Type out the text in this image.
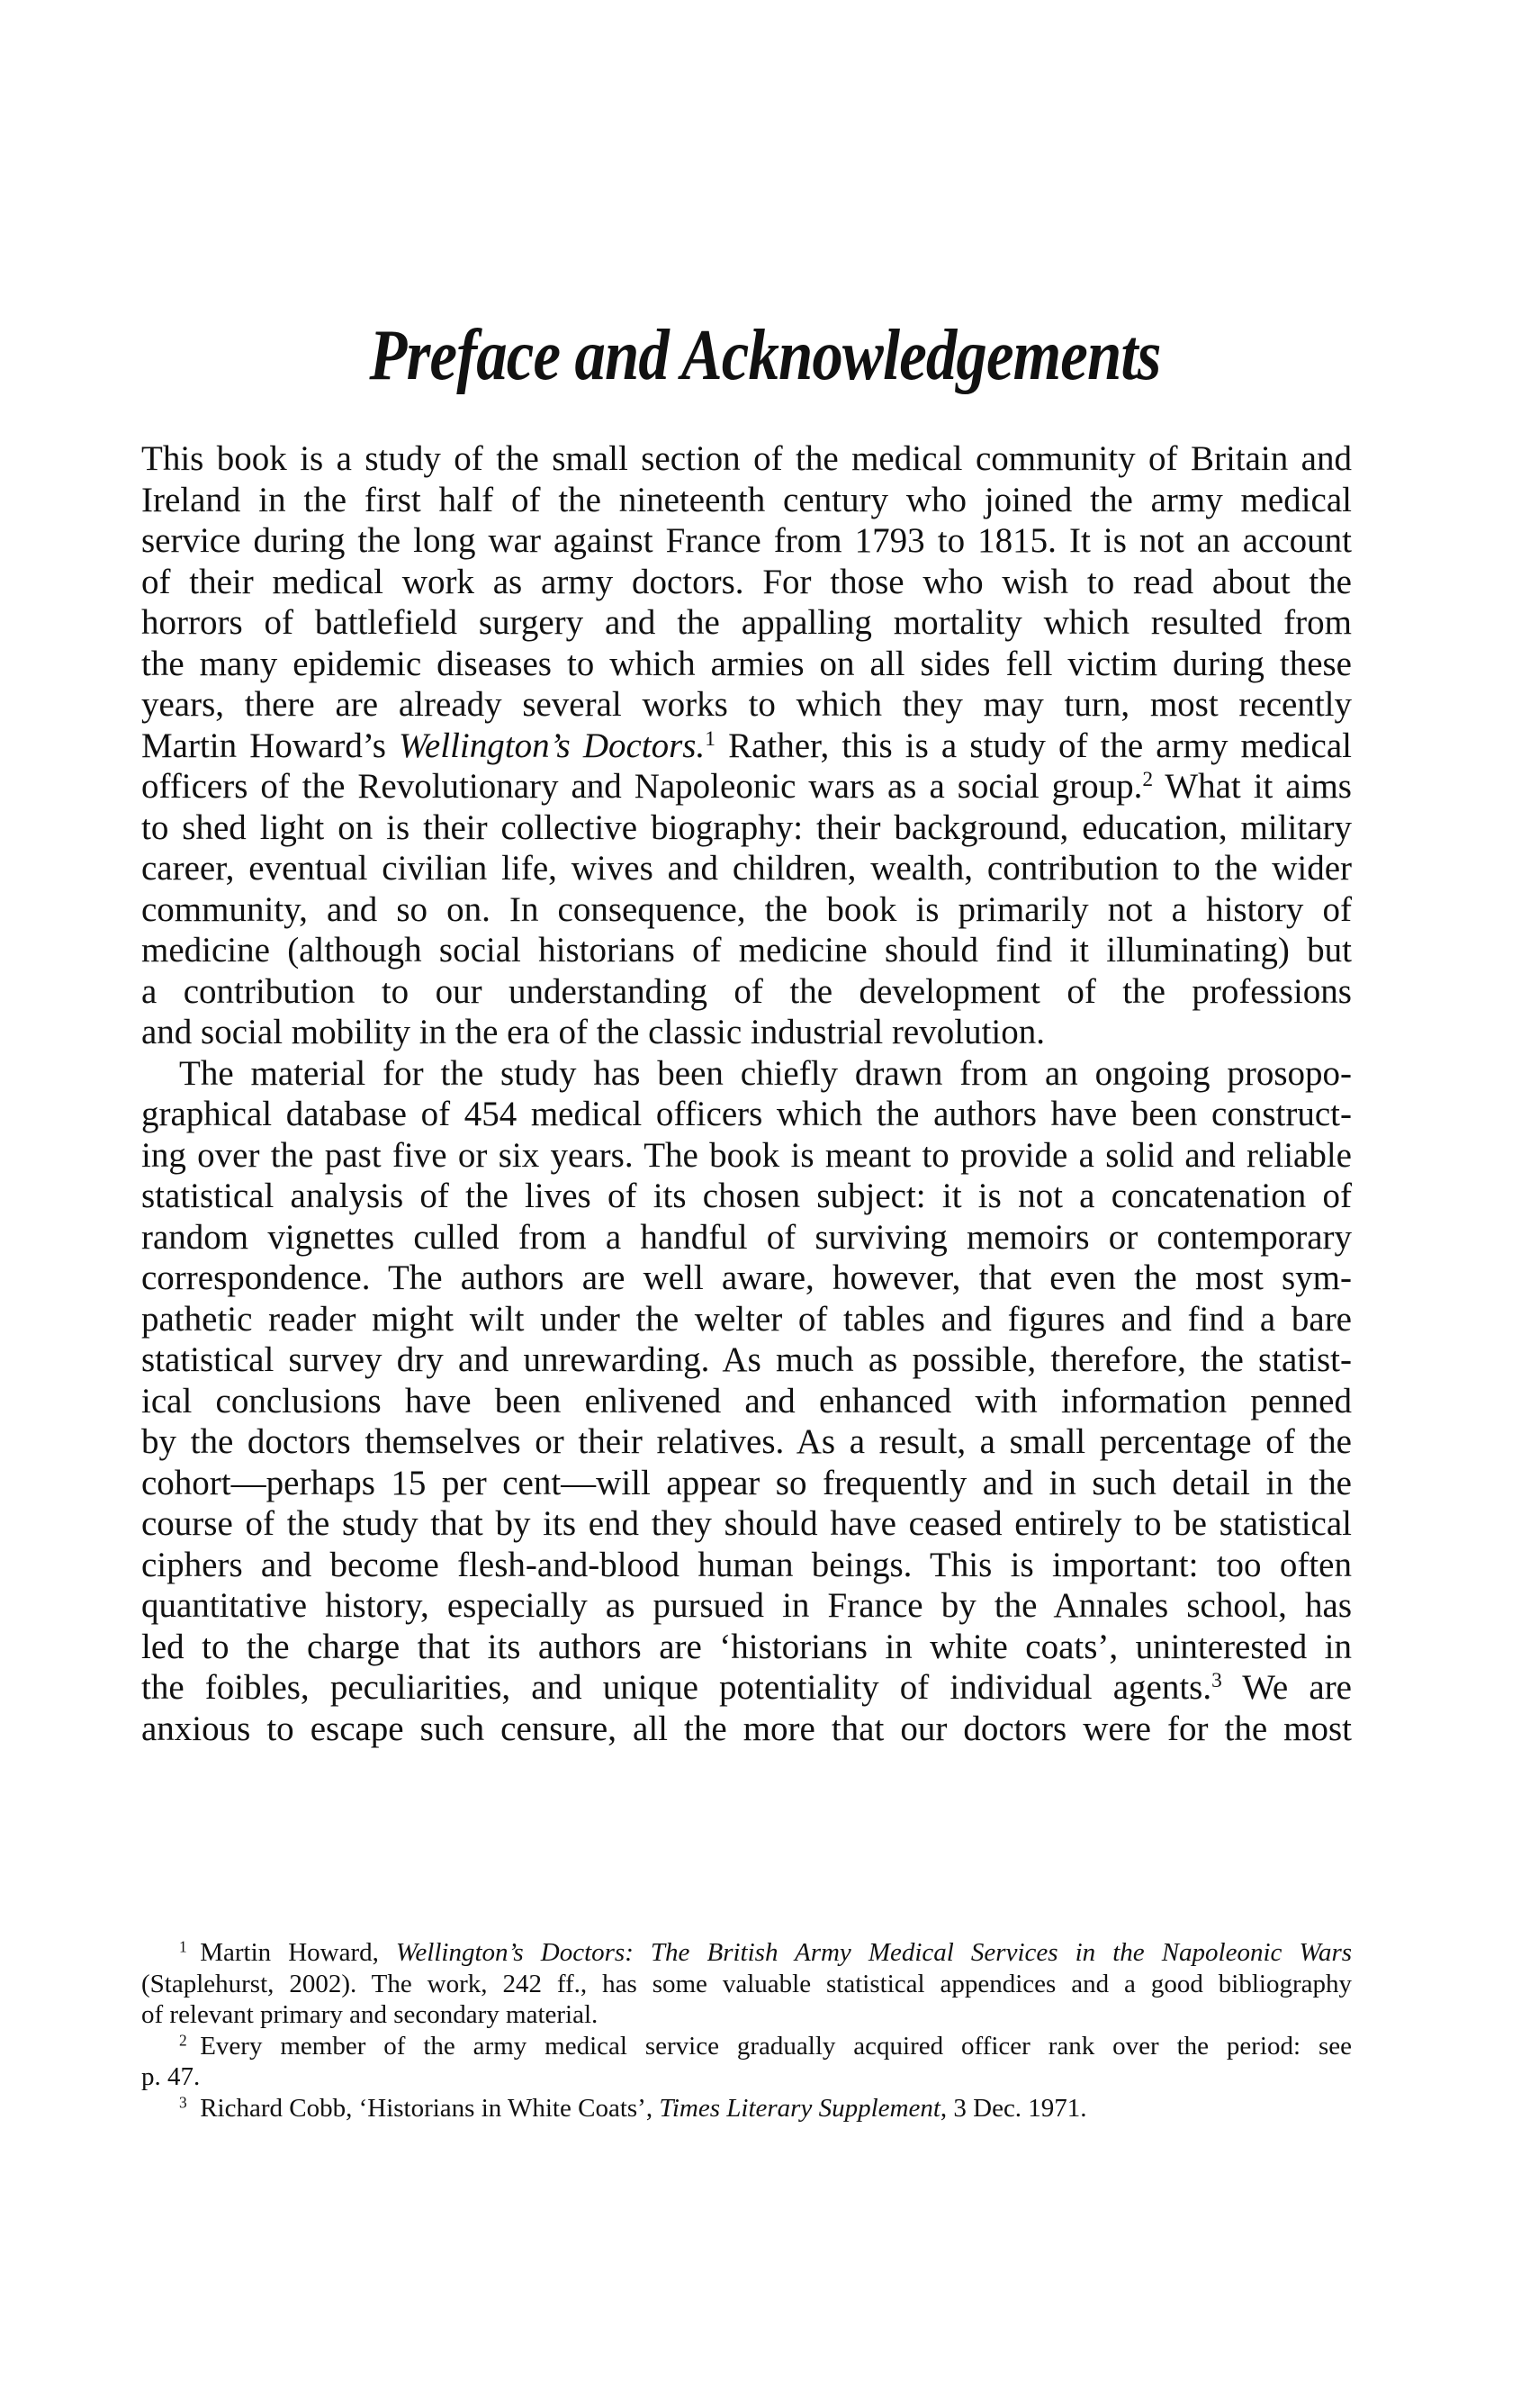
Preface and Acknowledgements
This book is a study of the small section of the medical community of Britain and
Ireland in the first half of the nineteenth century who joined the army medical
service during the long war against France from 1793 to 1815. It is not an account
of their medical work as army doctors. For those who wish to read about the
horrors of battlefield surgery and the appalling mortality which resulted from
the many epidemic diseases to which armies on all sides fell victim during these
years, there are already several works to which they may turn, most recently
Martin Howard’s Wellington’s Doctors.$^1$ Rather, this is a study of the army medical
officers of the Revolutionary and Napoleonic wars as a social group.$^2$ What it aims
to shed light on is their collective biography: their background, education, military
career, eventual civilian life, wives and children, wealth, contribution to the wider
community, and so on. In consequence, the book is primarily not a history of
medicine (although social historians of medicine should find it illuminating) but
a contribution to our understanding of the development of the professions
and social mobility in the era of the classic industrial revolution.
The material for the study has been chiefly drawn from an ongoing prosopo-
graphical database of 454 medical officers which the authors have been construct-
ing over the past five or six years. The book is meant to provide a solid and reliable
statistical analysis of the lives of its chosen subject: it is not a concatenation of
random vignettes culled from a handful of surviving memoirs or contemporary
correspondence. The authors are well aware, however, that even the most sym-
pathetic reader might wilt under the welter of tables and figures and find a bare
statistical survey dry and unrewarding. As much as possible, therefore, the statist-
ical conclusions have been enlivened and enhanced with information penned
by the doctors themselves or their relatives. As a result, a small percentage of the
cohort—perhaps 15 per cent—will appear so frequently and in such detail in the
course of the study that by its end they should have ceased entirely to be statistical
ciphers and become flesh-and-blood human beings. This is important: too often
quantitative history, especially as pursued in France by the Annales school, has
led to the charge that its authors are ‘historians in white coats’, uninterested in
the foibles, peculiarities, and unique potentiality of individual agents.$^3$ We are
anxious to escape such censure, all the more that our doctors were for the most
$^1$  Martin Howard, Wellington’s Doctors: The British Army Medical Services in the Napoleonic Wars
(Staplehurst, 2002). The work, 242 ff., has some valuable statistical appendices and a good bibliography
of relevant primary and secondary material.
$^2$  Every member of the army medical service gradually acquired officer rank over the period: see
p. 47.
$^3$  Richard Cobb, ‘Historians in White Coats’, Times Literary Supplement, 3 Dec. 1971.
